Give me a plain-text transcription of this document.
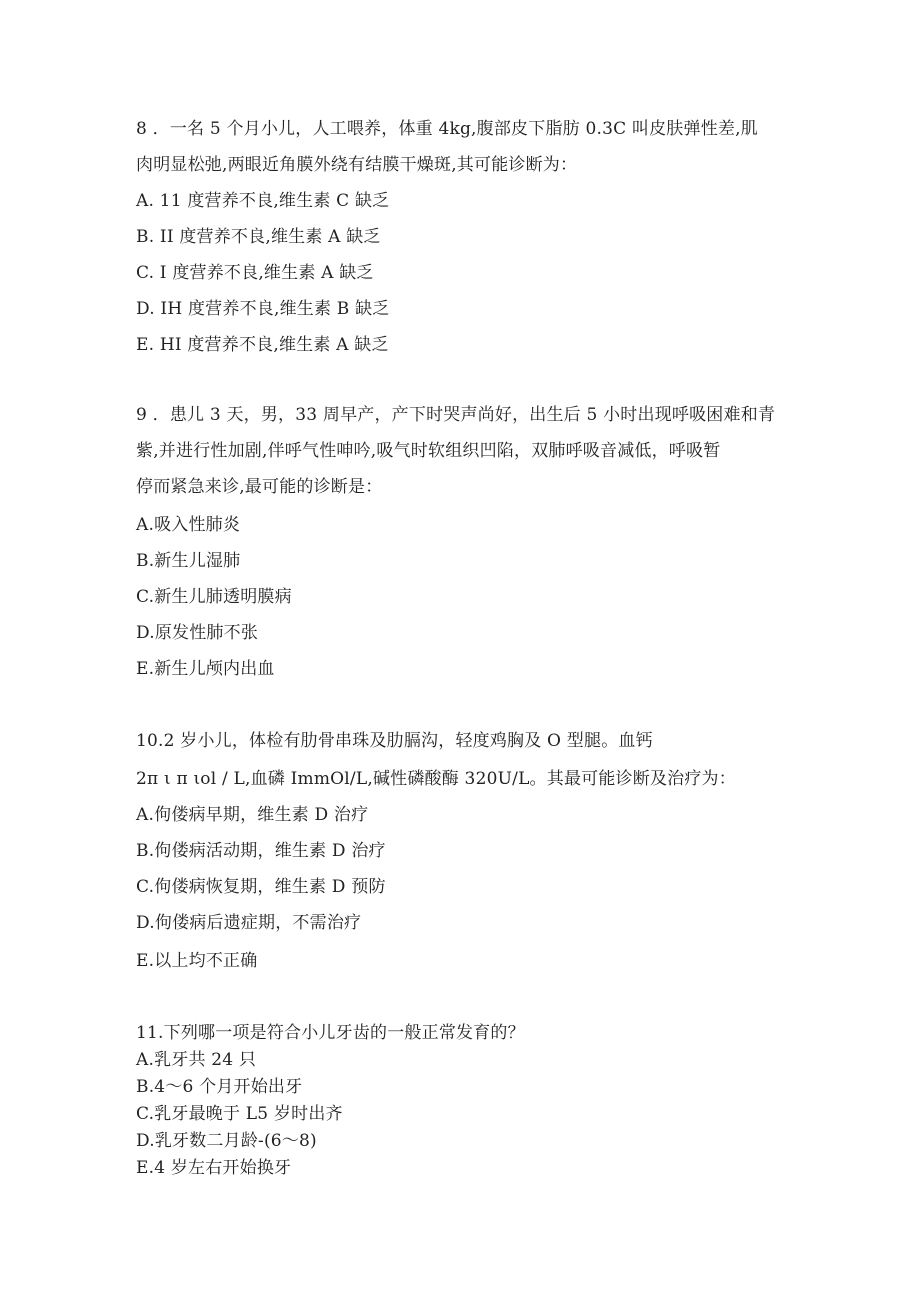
8 ．一名 5 个月小儿，人工喂养，体重 4kg,腹部皮下脂肪 0.3C 叫皮肤弹性差,肌
肉明显松弛,两眼近角膜外绕有结膜干燥斑,其可能诊断为：
A. 11 度营养不良,维生素 C 缺乏
B. II 度营养不良,维生素 A 缺乏
C. I 度营养不良,维生素 A 缺乏
D. IH 度营养不良,维生素 B 缺乏
E. HI 度营养不良,维生素 A 缺乏
9 ．患儿 3 天，男，33 周早产，产下时哭声尚好，出生后 5 小时出现呼吸困难和青
紫,并进行性加剧,伴呼气性呻吟,吸气时软组织凹陷，双肺呼吸音减低，呼吸暂
停而紧急来诊,最可能的诊断是：
A.吸入性肺炎
B.新生儿湿肺
C.新生儿肺透明膜病
D.原发性肺不张
E.新生儿颅内出血
10.2 岁小儿，体检有肋骨串珠及肋膈沟，轻度鸡胸及 O 型腿。血钙
2π ι π ιol / L,血磷 ImmOl/L,碱性磷酸酶 320U/L。其最可能诊断及治疗为：
A.佝偻病早期，维生素 D 治疗
B.佝偻病活动期，维生素 D 治疗
C.佝偻病恢复期，维生素 D 预防
D.佝偻病后遗症期，不需治疗
E.以上均不正确
11.下列哪一项是符合小儿牙齿的一般正常发育的？
A.乳牙共 24 只
B.4～6 个月开始出牙
C.乳牙最晚于 L5 岁时出齐
D.乳牙数二月龄-(6～8)
E.4 岁左右开始换牙
